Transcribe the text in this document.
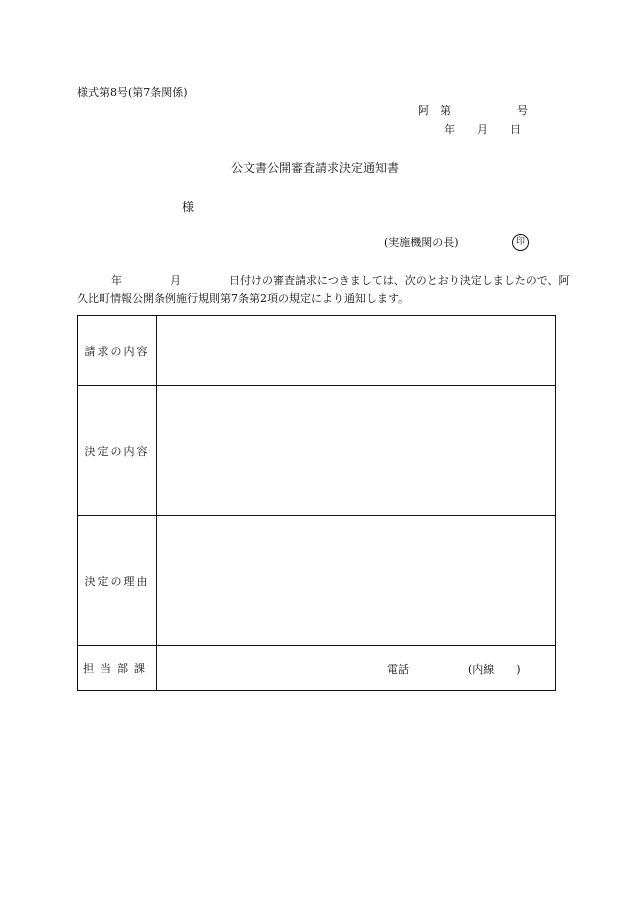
様式第8号(第7条関係)
阿　第　　　　　　号
年　　月　　日
公文書公開審査請求決定通知書
様
(実施機関の長)	印

年	月	日付けの審査請求につきましては、次のとおり決定しましたので、阿

久比町情報公開条例施行規則第7条第2項の規定により通知します。

請求の内容	
決定の内容	
決定の理由	
担当部課	電話 (内線　　)
